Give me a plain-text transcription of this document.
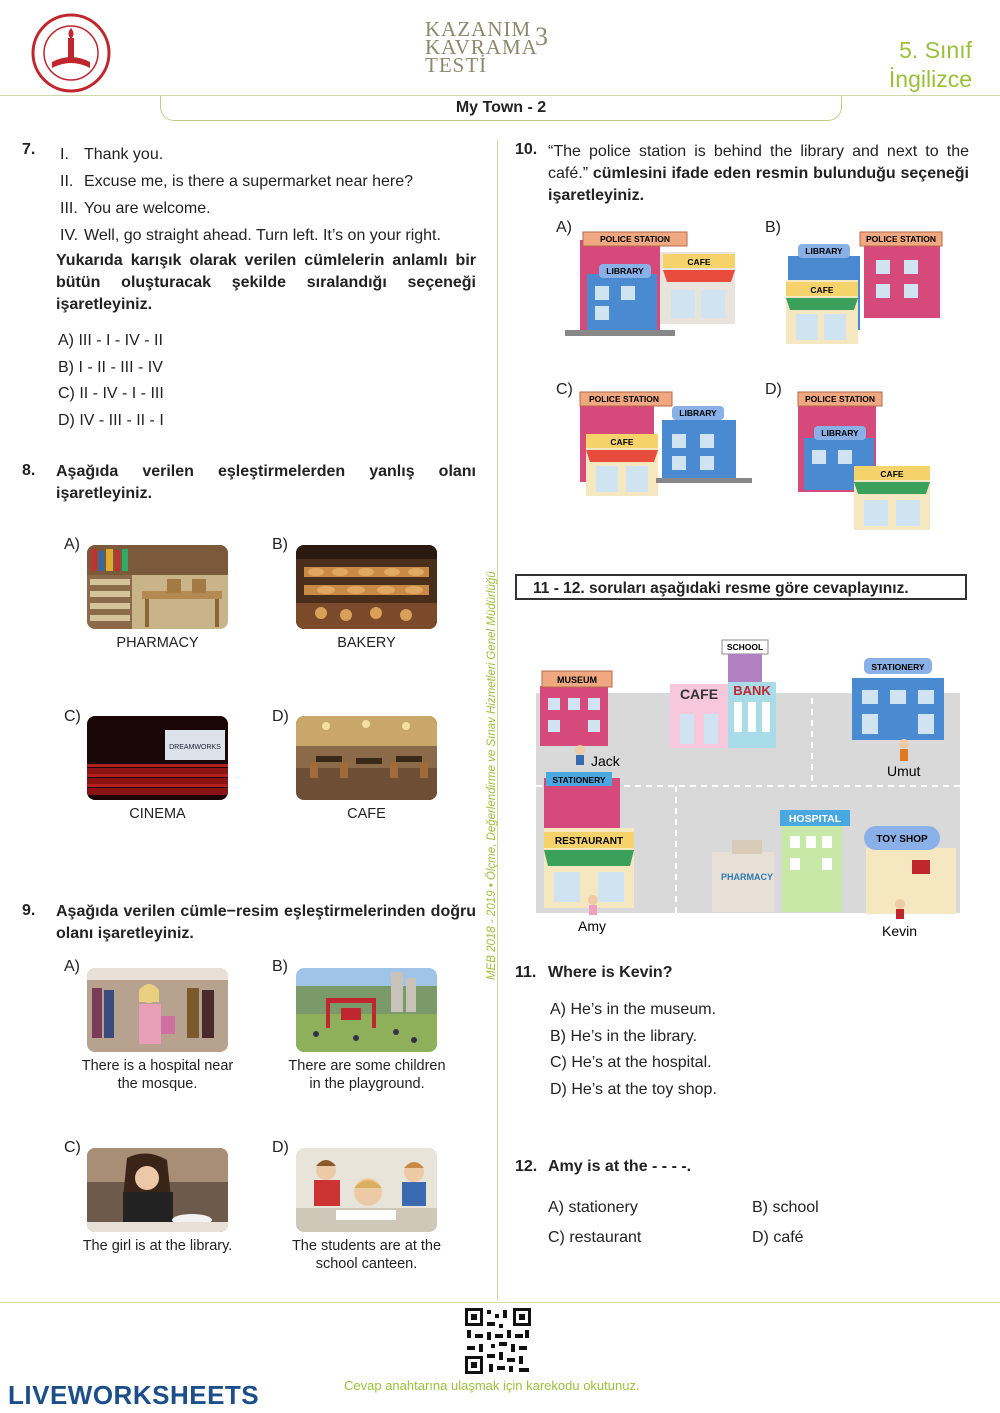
KAZANIM
KAVRAMA
TESTİ
3	5. Sınıf
İngilizce
My Town - 2
MEB 2018 - 2019 • Ölçme, Değerlendirme ve Sınav Hizmetleri Genel Müdürlüğü
7. I. Thank you.
II. Excuse me, is there a supermarket near here?
III. You are welcome.
IV. Well, go straight ahead. Turn left. It’s on your right.
Yukarıda karışık olarak verilen cümlelerin anlamlı bir bütün oluşturacak şekilde sıralandığı seçeneği işaretleyiniz.
A) III - I - IV - II
B) I - II - III - IV
C) II - IV - I - III
D) IV - III - II - I
8. Aşağıda verilen eşleştirmelerden yanlış olanı işaretleyiniz.
A)
PHARMACY
B)
BAKERY
C)
DREAMWORKS
CINEMA
D)
CAFE
9. Aşağıda verilen cümle−resim eşleştirmelerinden doğru olanı işaretleyiniz.
A)
There is a hospital near the mosque.
B)
There are some children in the playground.
C)
The girl is at the library.
D)
The students are at the school canteen.
10. “The police station is behind the library and next to the café.” cümlesini ifade eden resmin bulunduğu seçeneği işaretleyiniz.
A)
POLICE STATION
LIBRARY
CAFE
B)
LIBRARY
POLICE STATION
CAFE
C)
POLICE STATION
CAFE
LIBRARY
D)
POLICE STATION
LIBRARY
CAFE
11 - 12. soruları aşağıdaki resme göre cevaplayınız.
MUSEUM
SCHOOL
CAFE BANK
STATIONERY
Jack
Umut
STATIONERY
RESTAURANT
Amy
HOSPITAL
PHARMACY
TOY SHOP
Kevin
11. Where is Kevin?
A) He’s in the museum.
B) He’s in the library.
C) He’s at the hospital.
D) He’s at the toy shop.
12. Amy is at the - - - -.
A) stationery	B) school
C) restaurant	D) café
Cevap anahtarına ulaşmak için karekodu okutunuz.
LIVEWORKSHEETS
